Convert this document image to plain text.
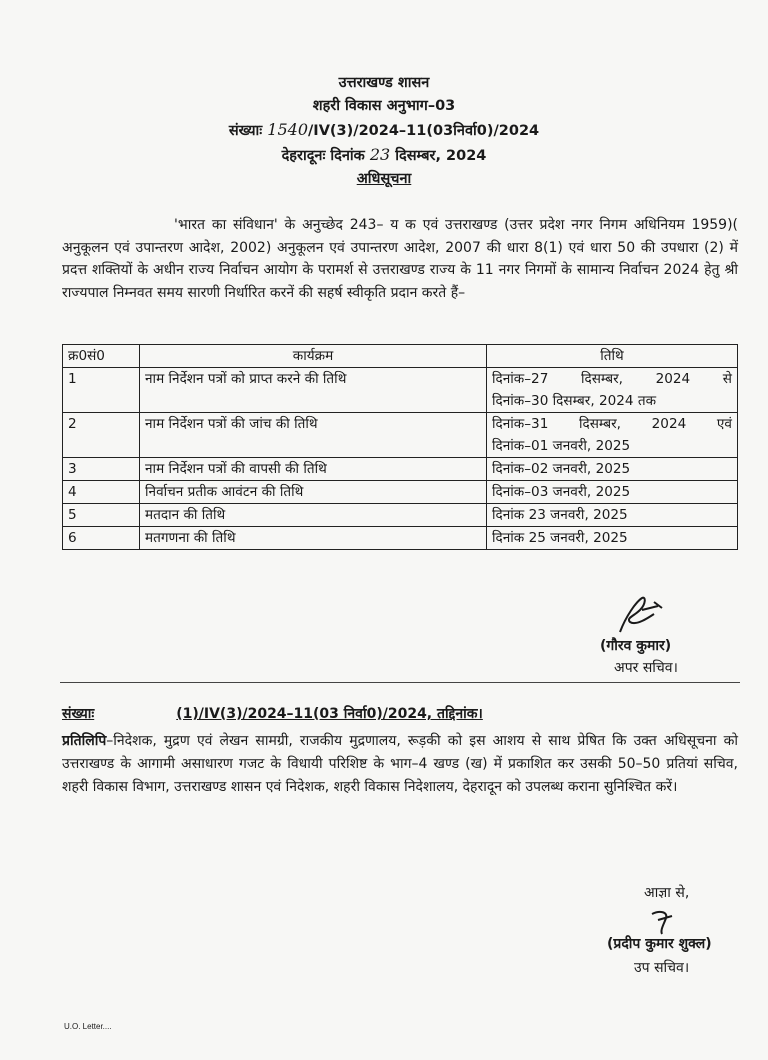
उत्तराखण्ड शासन
शहरी विकास अनुभाग–03
संख्याः 1540/IV(3)/2024–11(03निर्वा0)/2024
देहरादूनः दिनांक 23 दिसम्बर, 2024
अधिसूचना

'भारत का संविधान' के अनुच्छेद 243– य क एवं उत्तराखण्ड (उत्तर प्रदेश नगर निगम अधिनियम 1959)( अनुकूलन एवं उपान्तरण आदेश, 2002) अनुकूलन एवं उपान्तरण आदेश, 2007 की धारा 8(1) एवं धारा 50 की उपधारा (2) में प्रदत्त शक्तियों के अधीन राज्य निर्वाचन आयोग के परामर्श से उत्तराखण्ड राज्य के 11 नगर निगमों के सामान्य निर्वाचन 2024 हेतु श्री राज्यपाल निम्नवत समय सारणी निर्धारित करनें की सहर्ष स्वीकृति प्रदान करते हैं–

क्र0सं0	कार्यक्रम	तिथि
1	नाम निर्देशन पत्रों को प्राप्त करने की तिथि	दिनांक–27 दिसम्बर, 2024 से
दिनांक–30 दिसम्बर, 2024 तक

2	नाम निर्देशन पत्रों की जांच की तिथि	दिनांक–31 दिसम्बर, 2024 एवं
दिनांक–01 जनवरी, 2025

3	नाम निर्देशन पत्रों की वापसी की तिथि	दिनांक–02 जनवरी, 2025

4	निर्वाचन प्रतीक आवंटन की तिथि	दिनांक–03 जनवरी, 2025

5	मतदान की तिथि	दिनांक 23 जनवरी, 2025

6	मतगणना की तिथि	दिनांक 25 जनवरी, 2025
(गौरव कुमार)
अपर सचिव।
संख्याः	(1)/IV(3)/2024–11(03 निर्वा0)/2024, तद्दिनांक।
प्रतिलिपि–निदेशक, मुद्रण एवं लेखन सामग्री, राजकीय मुद्रणालय, रूड़की को इस आशय से साथ प्रेषित कि उक्त अधिसूचना को उत्तराखण्ड के आगामी असाधारण गजट के विधायी परिशिष्ट के भाग–4 खण्ड (ख) में प्रकाशित कर उसकी 50–50 प्रतियां सचिव, शहरी विकास विभाग, उत्तराखण्ड शासन एवं निदेशक, शहरी विकास निदेशालय, देहरादून को उपलब्ध कराना सुनिश्चित करें।
आज्ञा से,
(प्रदीप कुमार शुक्ल)
उप सचिव।
U.O. Letter....
